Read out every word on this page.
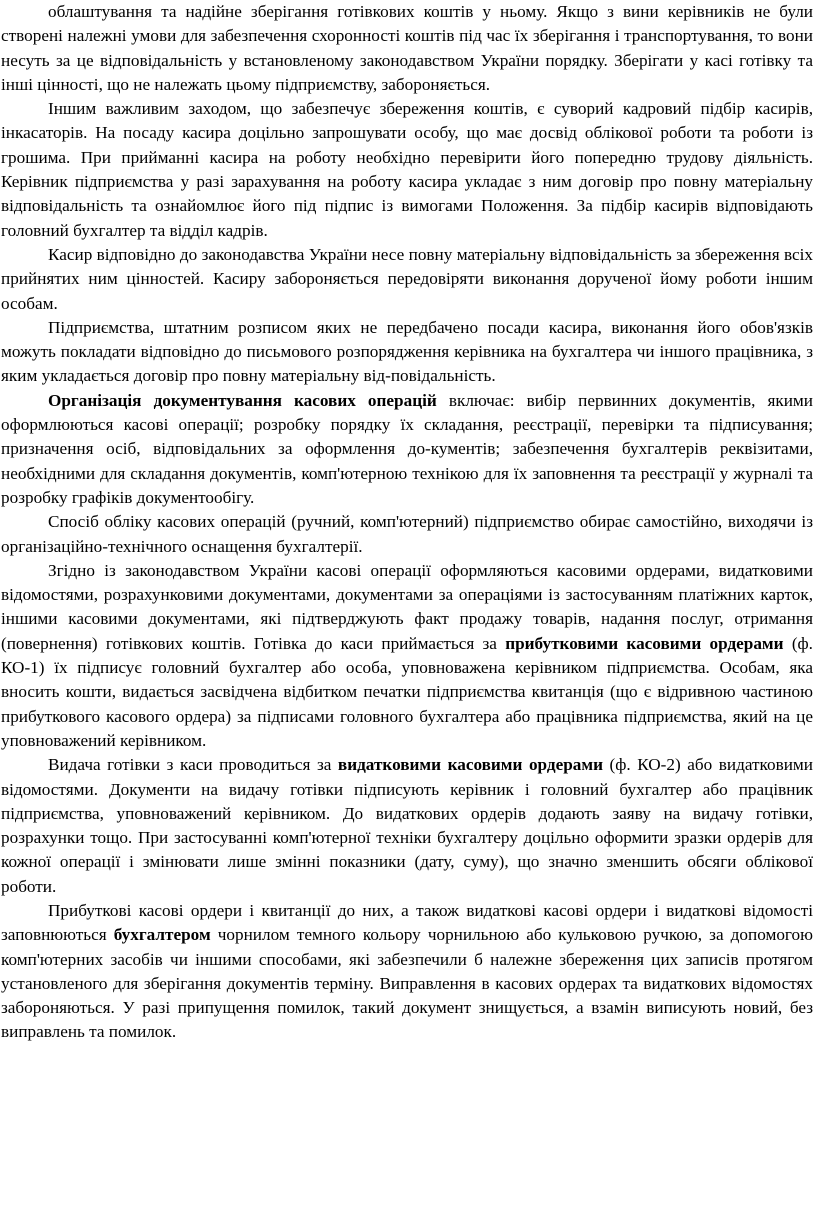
облаштування та надійне зберігання готівкових коштів у ньому. Якщо з вини керівників не були створені належні умови для забезпечення схоронності коштів під час їх зберігання і транспортування, то вони несуть за це відповідальність у встановленому законодавством України порядку. Зберігати у касі готівку та інші цінності, що не належать цьому підприємству, забороняється.

Іншим важливим заходом, що забезпечує збереження коштів, є суворий кадровий підбір касирів, інкасаторів. На посаду касира доцільно запрошувати особу, що має досвід облікової роботи та роботи із грошима. При прийманні касира на роботу необхідно перевірити його попередню трудову діяльність. Керівник підприємства у разі зарахування на роботу касира укладає з ним договір про повну матеріальну відповідальність та ознайомлює його під підпис із вимогами Положення. За підбір касирів відповідають головний бухгалтер та відділ кадрів.

Касир відповідно до законодавства України несе повну матеріальну відповідальність за збереження всіх прийнятих ним цінностей. Касиру забороняється передовіряти виконання дорученої йому роботи іншим особам.

Підприємства, штатним розписом яких не передбачено посади касира, виконання його обов'язків можуть покладати відповідно до письмового розпорядження керівника на бухгалтера чи іншого працівника, з яким укладається договір про повну матеріальну від-повідальність.

Організація документування касових операцій включає: вибір первинних документів, якими оформлюються касові операції; розробку порядку їх складання, реєстрації, перевірки та підписування; призначення осіб, відповідальних за оформлення до-кументів; забезпечення бухгалтерів реквізитами, необхідними для складання документів, комп'ютерною технікою для їх заповнення та реєстрації у журналі та розробку графіків документообігу.

Спосіб обліку касових операцій (ручний, комп'ютерний) підприємство обирає самостійно, виходячи із організаційно-технічного оснащення бухгалтерії.

Згідно із законодавством України касові операції оформляються касовими ордерами, видатковими відомостями, розрахунковими документами, документами за операціями із застосуванням платіжних карток, іншими касовими документами, які підтверджують факт продажу товарів, надання послуг, отримання (повернення) готівкових коштів. Готівка до каси приймається за прибутковими касовими ордерами (ф. КО-1) їх підписує головний бухгалтер або особа, уповноважена керівником підприємства. Особам, яка вносить кошти, видається засвідчена відбитком печатки підприємства квитанція (що є відривною частиною прибуткового касового ордера) за підписами головного бухгалтера або працівника підприємства, який на це уповноважений керівником.

Видача готівки з каси проводиться за видатковими касовими ордерами (ф. КО-2) або видатковими відомостями. Документи на видачу готівки підписують керівник і головний бухгалтер або працівник підприємства, уповноважений керівником. До видаткових ордерів додають заяву на видачу готівки, розрахунки тощо. При застосуванні комп'ютерної техніки бухгалтеру доцільно оформити зразки ордерів для кожної операції і змінювати лише змінні показники (дату, суму), що значно зменшить обсяги облікової роботи.

Прибуткові касові ордери і квитанції до них, а також видаткові касові ордери і видаткові відомості заповнюються бухгалтером чорнилом темного кольору чорнильною або кульковою ручкою, за допомогою комп'ютерних засобів чи іншими способами, які забезпечили б належне збереження цих записів протягом установленого для зберігання документів терміну. Виправлення в касових ордерах та видаткових відомостях забороняються. У разі припущення помилок, такий документ знищується, а взамін виписують новий, без виправлень та помилок.
